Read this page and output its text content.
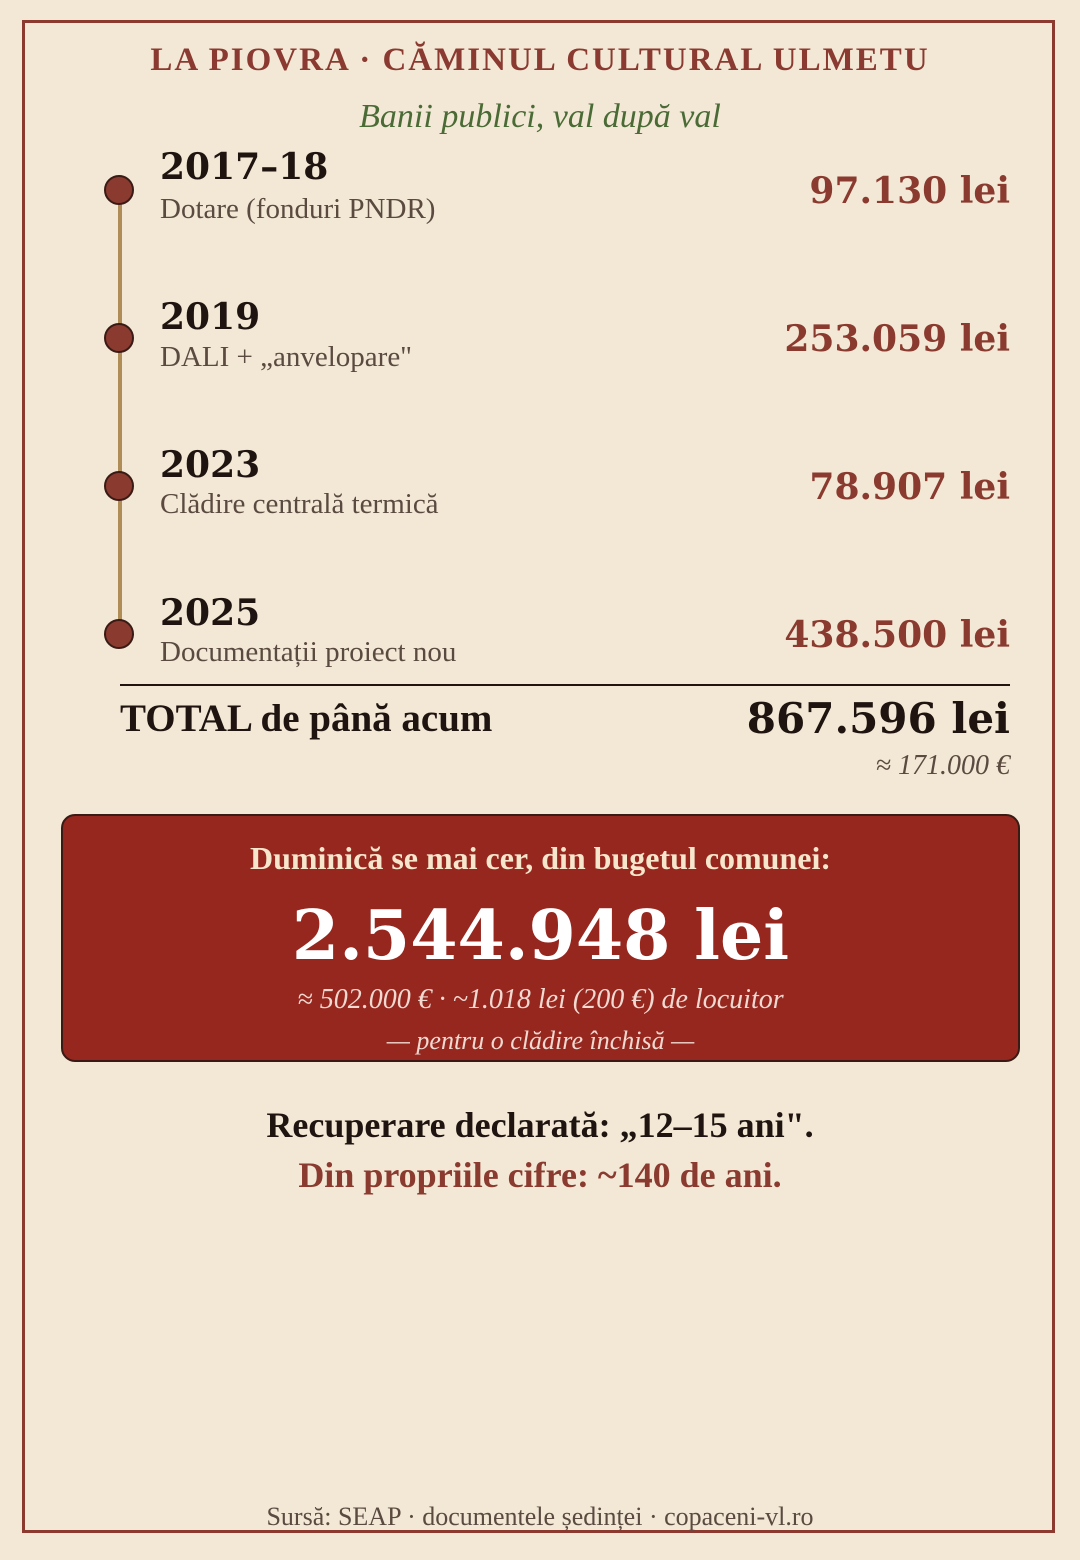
LA PIOVRA · CĂMINUL CULTURAL ULMETU
Banii publici, val după val
2017–18
Dotare (fonduri PNDR)	97.130 lei
2019
DALI + „anvelopare"	253.059 lei
2023
Clădire centrală termică	78.907 lei
2025
Documentații proiect nou	438.500 lei
TOTAL de până acum	867.596 lei
≈ 171.000 €
Duminică se mai cer, din bugetul comunei:
2.544.948 lei
≈ 502.000 € · ~1.018 lei (200 €) de locuitor
— pentru o clădire închisă —
Recuperare declarată: „12–15 ani".
Din propriile cifre: ~140 de ani.
Sursă: SEAP · documentele ședinței · copaceni-vl.ro
